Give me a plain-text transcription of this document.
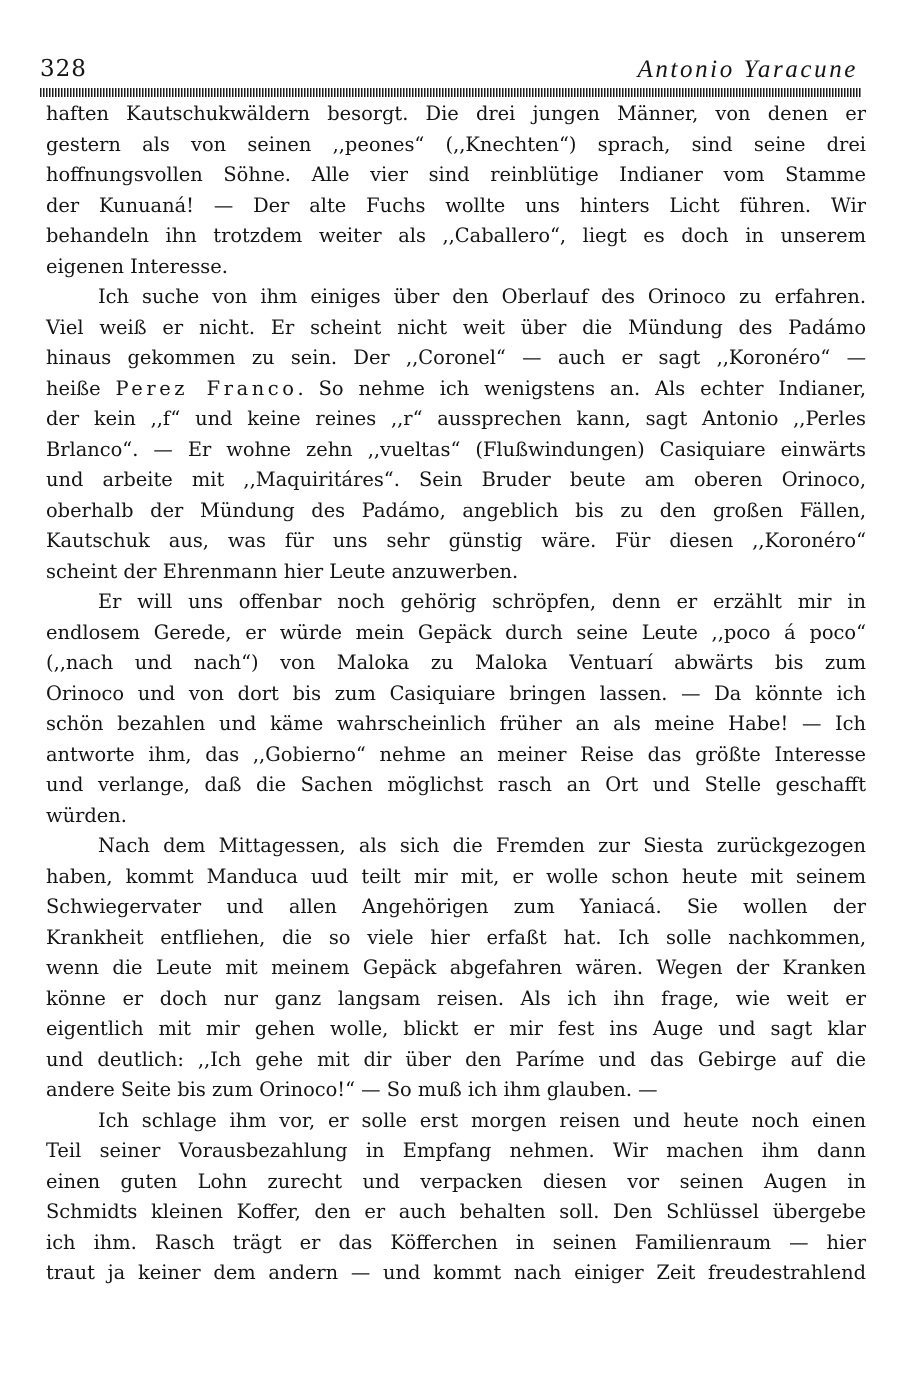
328	Antonio Yaracune
haften Kautschukwäldern besorgt. Die drei jungen Männer, von denen er
gestern als von seinen ,,peones“ (,,Knechten“) sprach, sind seine drei
hoffnungsvollen Söhne. Alle vier sind reinblütige Indianer vom Stamme
der Kunuaná! — Der alte Fuchs wollte uns hinters Licht führen. Wir
behandeln ihn trotzdem weiter als ,,Caballero“, liegt es doch in unserem
eigenen Interesse.
Ich suche von ihm einiges über den Oberlauf des Orinoco zu erfahren.
Viel weiß er nicht. Er scheint nicht weit über die Mündung des Padámo
hinaus gekommen zu sein. Der ,,Coronel“ — auch er sagt ,,Koronéro“ —
heiße Perez Franco. So nehme ich wenigstens an. Als echter Indianer,
der kein ,,f“ und keine reines ,,r“ aussprechen kann, sagt Antonio ,,Perles
Brlanco“. — Er wohne zehn ,,vueltas“ (Flußwindungen) Casiquiare einwärts
und arbeite mit ,,Maquiritáres“. Sein Bruder beute am oberen Orinoco,
oberhalb der Mündung des Padámo, angeblich bis zu den großen Fällen,
Kautschuk aus, was für uns sehr günstig wäre. Für diesen ,,Koronéro“
scheint der Ehrenmann hier Leute anzuwerben.
Er will uns offenbar noch gehörig schröpfen, denn er erzählt mir in
endlosem Gerede, er würde mein Gepäck durch seine Leute ,,poco á poco“
(,,nach und nach“) von Maloka zu Maloka Ventuarí abwärts bis zum
Orinoco und von dort bis zum Casiquiare bringen lassen. — Da könnte ich
schön bezahlen und käme wahrscheinlich früher an als meine Habe! — Ich
antworte ihm, das ,,Gobierno“ nehme an meiner Reise das größte Interesse
und verlange, daß die Sachen möglichst rasch an Ort und Stelle geschafft
würden.
Nach dem Mittagessen, als sich die Fremden zur Siesta zurückgezogen
haben, kommt Manduca uud teilt mir mit, er wolle schon heute mit seinem
Schwiegervater und allen Angehörigen zum Yaniacá. Sie wollen der
Krankheit entfliehen, die so viele hier erfaßt hat. Ich solle nachkommen,
wenn die Leute mit meinem Gepäck abgefahren wären. Wegen der Kranken
könne er doch nur ganz langsam reisen. Als ich ihn frage, wie weit er
eigentlich mit mir gehen wolle, blickt er mir fest ins Auge und sagt klar
und deutlich: ,,Ich gehe mit dir über den Paríme und das Gebirge auf die
andere Seite bis zum Orinoco!“ — So muß ich ihm glauben. —
Ich schlage ihm vor, er solle erst morgen reisen und heute noch einen
Teil seiner Vorausbezahlung in Empfang nehmen. Wir machen ihm dann
einen guten Lohn zurecht und verpacken diesen vor seinen Augen in
Schmidts kleinen Koffer, den er auch behalten soll. Den Schlüssel übergebe
ich ihm. Rasch trägt er das Köfferchen in seinen Familienraum — hier
traut ja keiner dem andern — und kommt nach einiger Zeit freudestrahlend
